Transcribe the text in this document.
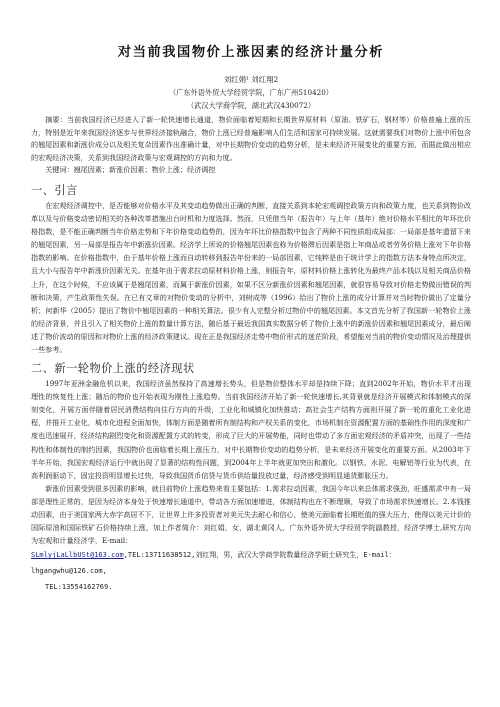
对当前我国物价上涨因素的经济计量分析
刘红娟¹ 刘红翔2
（广东外语外贸大学经贸学院，广东广州510420）
（武汉大学商学院，湖北武汉430072）

摘要：当前我国经济已经进入了新一轮快速增长通道，物价面临着短期和长期世界原材料（原油、铁矿石，钢材等）价格普遍上涨的压力，特别是近年来我国经济逐步与世界经济接轨融合，物价上涨已经普遍影响人们生活和国家可持续发展。这就需要我们对物价上涨中所包含的翘尾因素和新涨价成分以及相关复杂因素作出准确计量，对中长期物价变动的趋势分析，是未来经济开展变化的重要方面，而据此做出相应的宏观经济决策，关系到我国经济政策与宏观调控的方向和力度。

关键词：翘尾因素；新涨价因素；物价上涨；经济调控

一、引言

在宏观经济调控中，是否能够对价格水平及其变动趋势做出正确的判断，直接关系到本轮宏观调控政策方向和政策力度，也关系到物价改革以及与价格变动密切相关的各种改革措施出台时机和力度选择。然而，只凭借当年（报告年）与上年（基年）绝对价格水平相比的年环比价格指数，是不能正确判断当年价格走势和下年价格变动趋势的，因为年环比价格指数中包含了两种不同性质组成局部：一局部是基年遗留下来的翘尾因素，另一局部是报告年中新涨价因素。经济学上所说的价格翘尾因素也称为价格滞后因素是指上年商品或者劳务价格上涨对下年价格指数的影响。在价格指数中，由于基年价格上涨而自动转移到报告年份来的一局部因素，它纯粹是由于统计学上的指数方法本身特点所决定，且大小与报告年中新涨价因素无关。在基年由于需求拉动原材料价格上涨，则报告年，原材料价格上涨转化为最终产品本钱以及相关商品价格上升，在这个时候，不应该属于是翘尾因素，而属于新涨价因素，如果不区分新涨价因素和翘尾因素，就很容易导致对价格走势做出错误的判断和决策，产生政策性失误。在已有文章的对物价变动的分析中，刘树成等（1996）给出了物价上涨的成分计算并对当时物价做出了定量分析；何新华（2005）提出了物价中翘尾因素的一种相关算法。很少有人完整分析过物价中的翘尾因素。本文首先分析了我国新一轮物价上涨的经济背景，并且引入了相关物价上涨的数量计算方法，随后基于最近我国真实数据分析了物价上涨中的新涨价因素和翘尾因素成分，最后阐述了物价波动的原因和对物价上涨的经济政策建议。现在正是我国经济走势中物价形式的迷茫阶段，希望能对当前的物价变动情况及治理提供一些参考。

二、新一轮物价上涨的经济现状

1997年亚洲金融危机以来，我国经济虽然保持了高速增长势头，但是物价整体水平却是持续下降；直到2002年开始，物价水平才出现理性的恢复性上涨；随后的物价也开始表现为刚性上涨趋势。当前我国经济开始了新一轮快速增长,其背景就是经济开展模式和体制模式的深刻变化，开展方面伴随着居民消费结构向住行方向的升级，工业化和城镇化加快推动；高社会生产结构方面则开展了新一轮的重化工业化进程，并推开工业化，城市化进程全面加快，体制方面是随着所有制结构和产权关系的变化，市场机制在资源配置方面的基础性作用的深度和广度也迅速展开，经济结构剧烈变化和资源配置方式的转变，形成了巨大的开展势能，同时也带动了多方面宏观经济的矛盾冲突，出现了一些结构性和体制性的制约因素，我国物价也面临着长期上涨压力，对中长期物价变动的趋势分析，是未来经济开展变化的重要方面。从2003年下半年开始，我国宏观经济运行中就出现了显著的结构性问题，到2004年上半年就更加突出和激化。以钢铁、水泥、电解铝等行业为代表，在高利润驱动下，固定投资明显增长过快，导致我国货币信贷与货币供给量投放过量，经济感受到明显通货膨胀压力。

新涨价因素受到很多因素的影响，就目前物价上涨趋势来看主要包括：1.需求拉动因素，我国今年以来总体需求强劲，旺盛需求中有一局部是理性正常的，是因为经济本身处于快速增长通道中，带动各方面加速增进，体制结构也在不断理顺，导致了市场需求快速增长。2.本钱推动因素，由于美国家两大赤字高居不下，让世界上许多投资者对美元失去耐心和信心，使美元面临着长期贬值的强大压力，使得以美元计价的国际原油和国际铁矿石价格持续上涨，加上作者简介：刘红娟，女，湖北黄冈人，广东外语外贸大学经贸学院副教授，经济学博士,研究方向为宏观和计量经济学，E-mail：

SLmlyjLaLlbUSt@163.com,TEL:13711638512,刘红翔，男，武汉大学商学院数量经济学硕士研究生，E-mail：

lhgangwhu@126.com,

TEL:13554162769.
